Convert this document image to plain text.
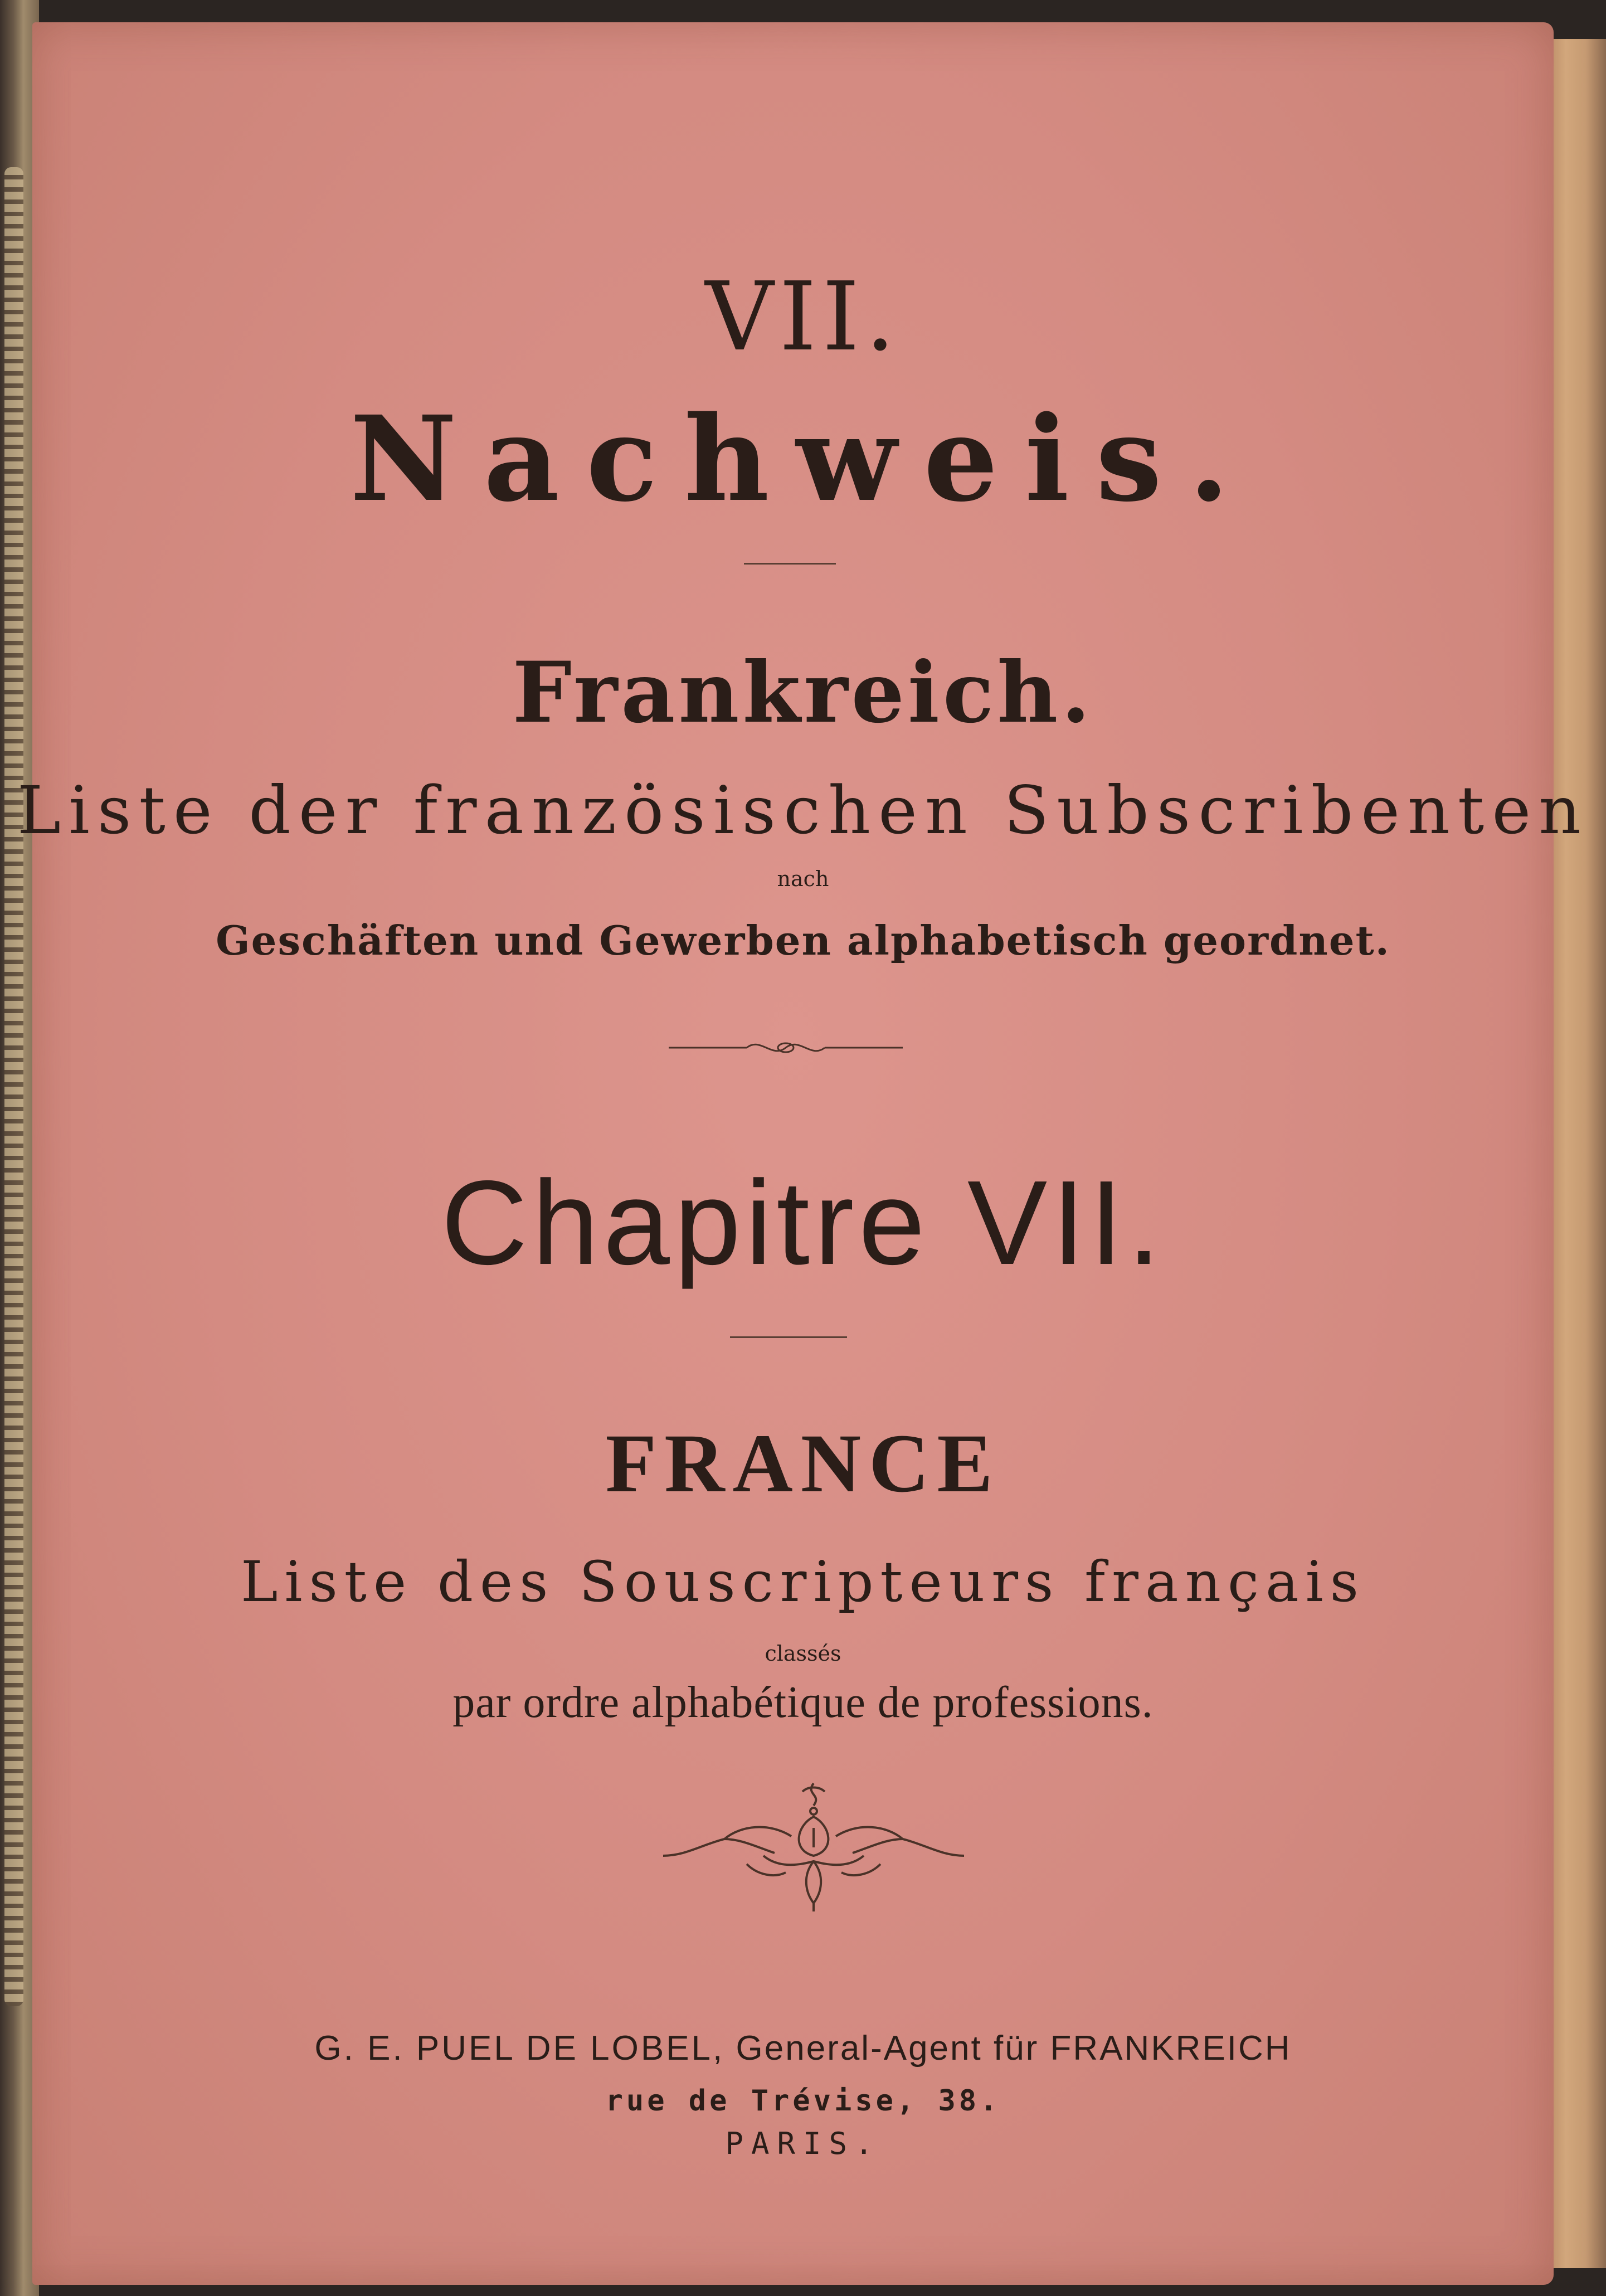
VII.
Nachweis.
Frankreich.
Liste der französischen Subscribenten
nach
Geschäften und Gewerben alphabetisch geordnet.
Chapitre VII.
FRANCE
Liste des Souscripteurs français
classés
par ordre alphabétique de professions.
G. E. PUEL DE LOBEL, General-Agent für FRANKREICH
rue de Trévise, 38.
PARIS.
